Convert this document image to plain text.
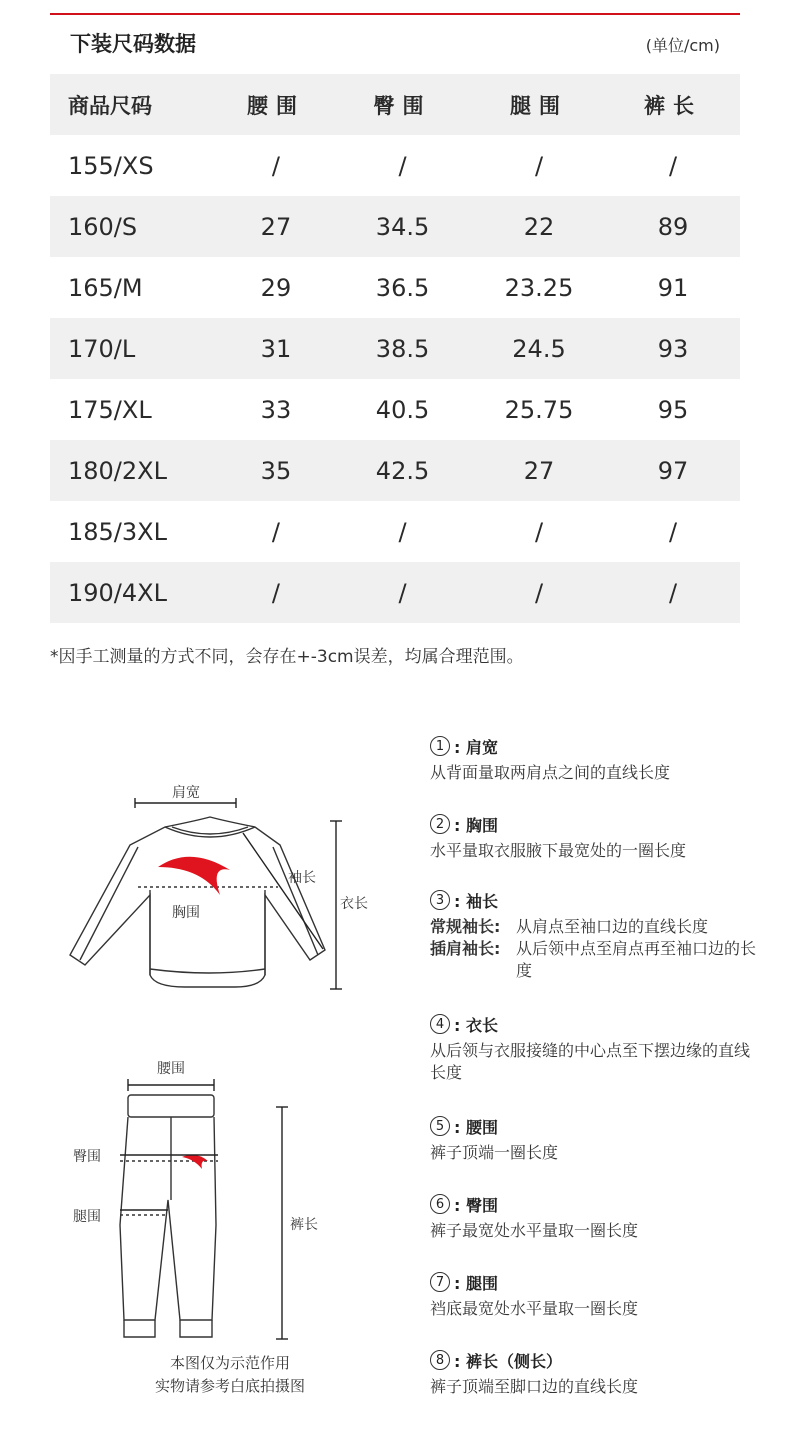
下装尺码数据	(单位/cm)
商品尺码	腰围	臀围	腿围	裤长
155/XS	/	/	/	/
160/S	27	34.5	22	89
165/M	29	36.5	23.25	91
170/L	31	38.5	24.5	93
175/XL	33	40.5	25.75	95
180/2XL	35	42.5	27	97
185/3XL	/	/	/	/
190/4XL	/	/	/	/
*因手工测量的方式不同，会存在+-3cm误差，均属合理范围。
肩宽
袖长
胸围
衣长
腰围
臀围
腿围	裤长
本图仅为示范作用
实物请参考白底拍摄图
1 : 肩宽
从背面量取两肩点之间的直线长度
2 : 胸围
水平量取衣服腋下最宽处的一圈长度
3 : 袖长
常规袖长: 从肩点至袖口边的直线长度
插肩袖长: 从后领中点至肩点再至袖口边的长度
4 : 衣长
从后领与衣服接缝的中心点至下摆边缘的直线长度
5 : 腰围
裤子顶端一圈长度
6 : 臀围
裤子最宽处水平量取一圈长度
7 : 腿围
裆底最宽处水平量取一圈长度
8 : 裤长（侧长）
裤子顶端至脚口边的直线长度
